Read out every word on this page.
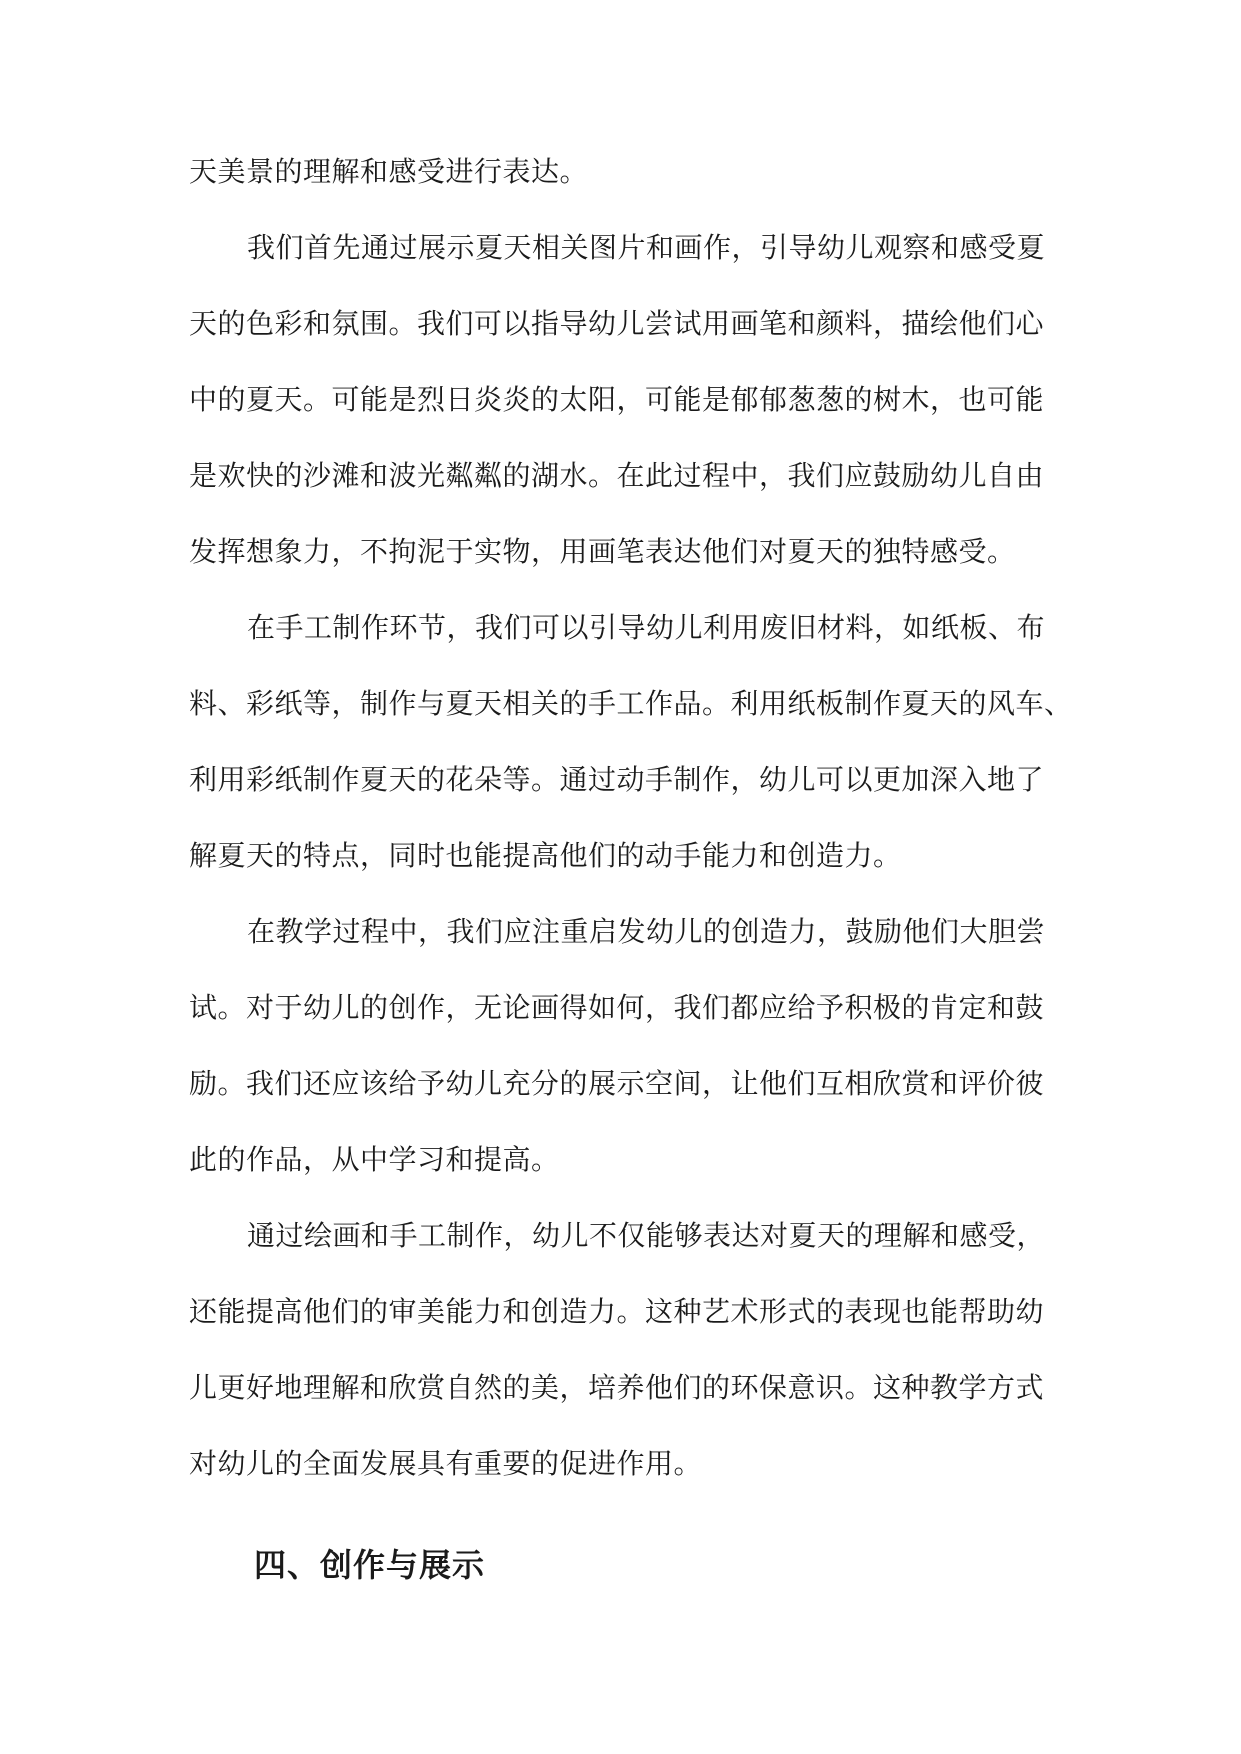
天美景的理解和感受进行表达。
我们首先通过展示夏天相关图片和画作，引导幼儿观察和感受夏
天的色彩和氛围。我们可以指导幼儿尝试用画笔和颜料，描绘他们心
中的夏天。可能是烈日炎炎的太阳，可能是郁郁葱葱的树木，也可能
是欢快的沙滩和波光粼粼的湖水。在此过程中，我们应鼓励幼儿自由
发挥想象力，不拘泥于实物，用画笔表达他们对夏天的独特感受。
在手工制作环节，我们可以引导幼儿利用废旧材料，如纸板、布
料、彩纸等，制作与夏天相关的手工作品。利用纸板制作夏天的风车、
利用彩纸制作夏天的花朵等。通过动手制作，幼儿可以更加深入地了
解夏天的特点，同时也能提高他们的动手能力和创造力。
在教学过程中，我们应注重启发幼儿的创造力，鼓励他们大胆尝
试。对于幼儿的创作，无论画得如何，我们都应给予积极的肯定和鼓
励。我们还应该给予幼儿充分的展示空间，让他们互相欣赏和评价彼
此的作品，从中学习和提高。
通过绘画和手工制作，幼儿不仅能够表达对夏天的理解和感受，
还能提高他们的审美能力和创造力。这种艺术形式的表现也能帮助幼
儿更好地理解和欣赏自然的美，培养他们的环保意识。这种教学方式
对幼儿的全面发展具有重要的促进作用。
四、创作与展示
